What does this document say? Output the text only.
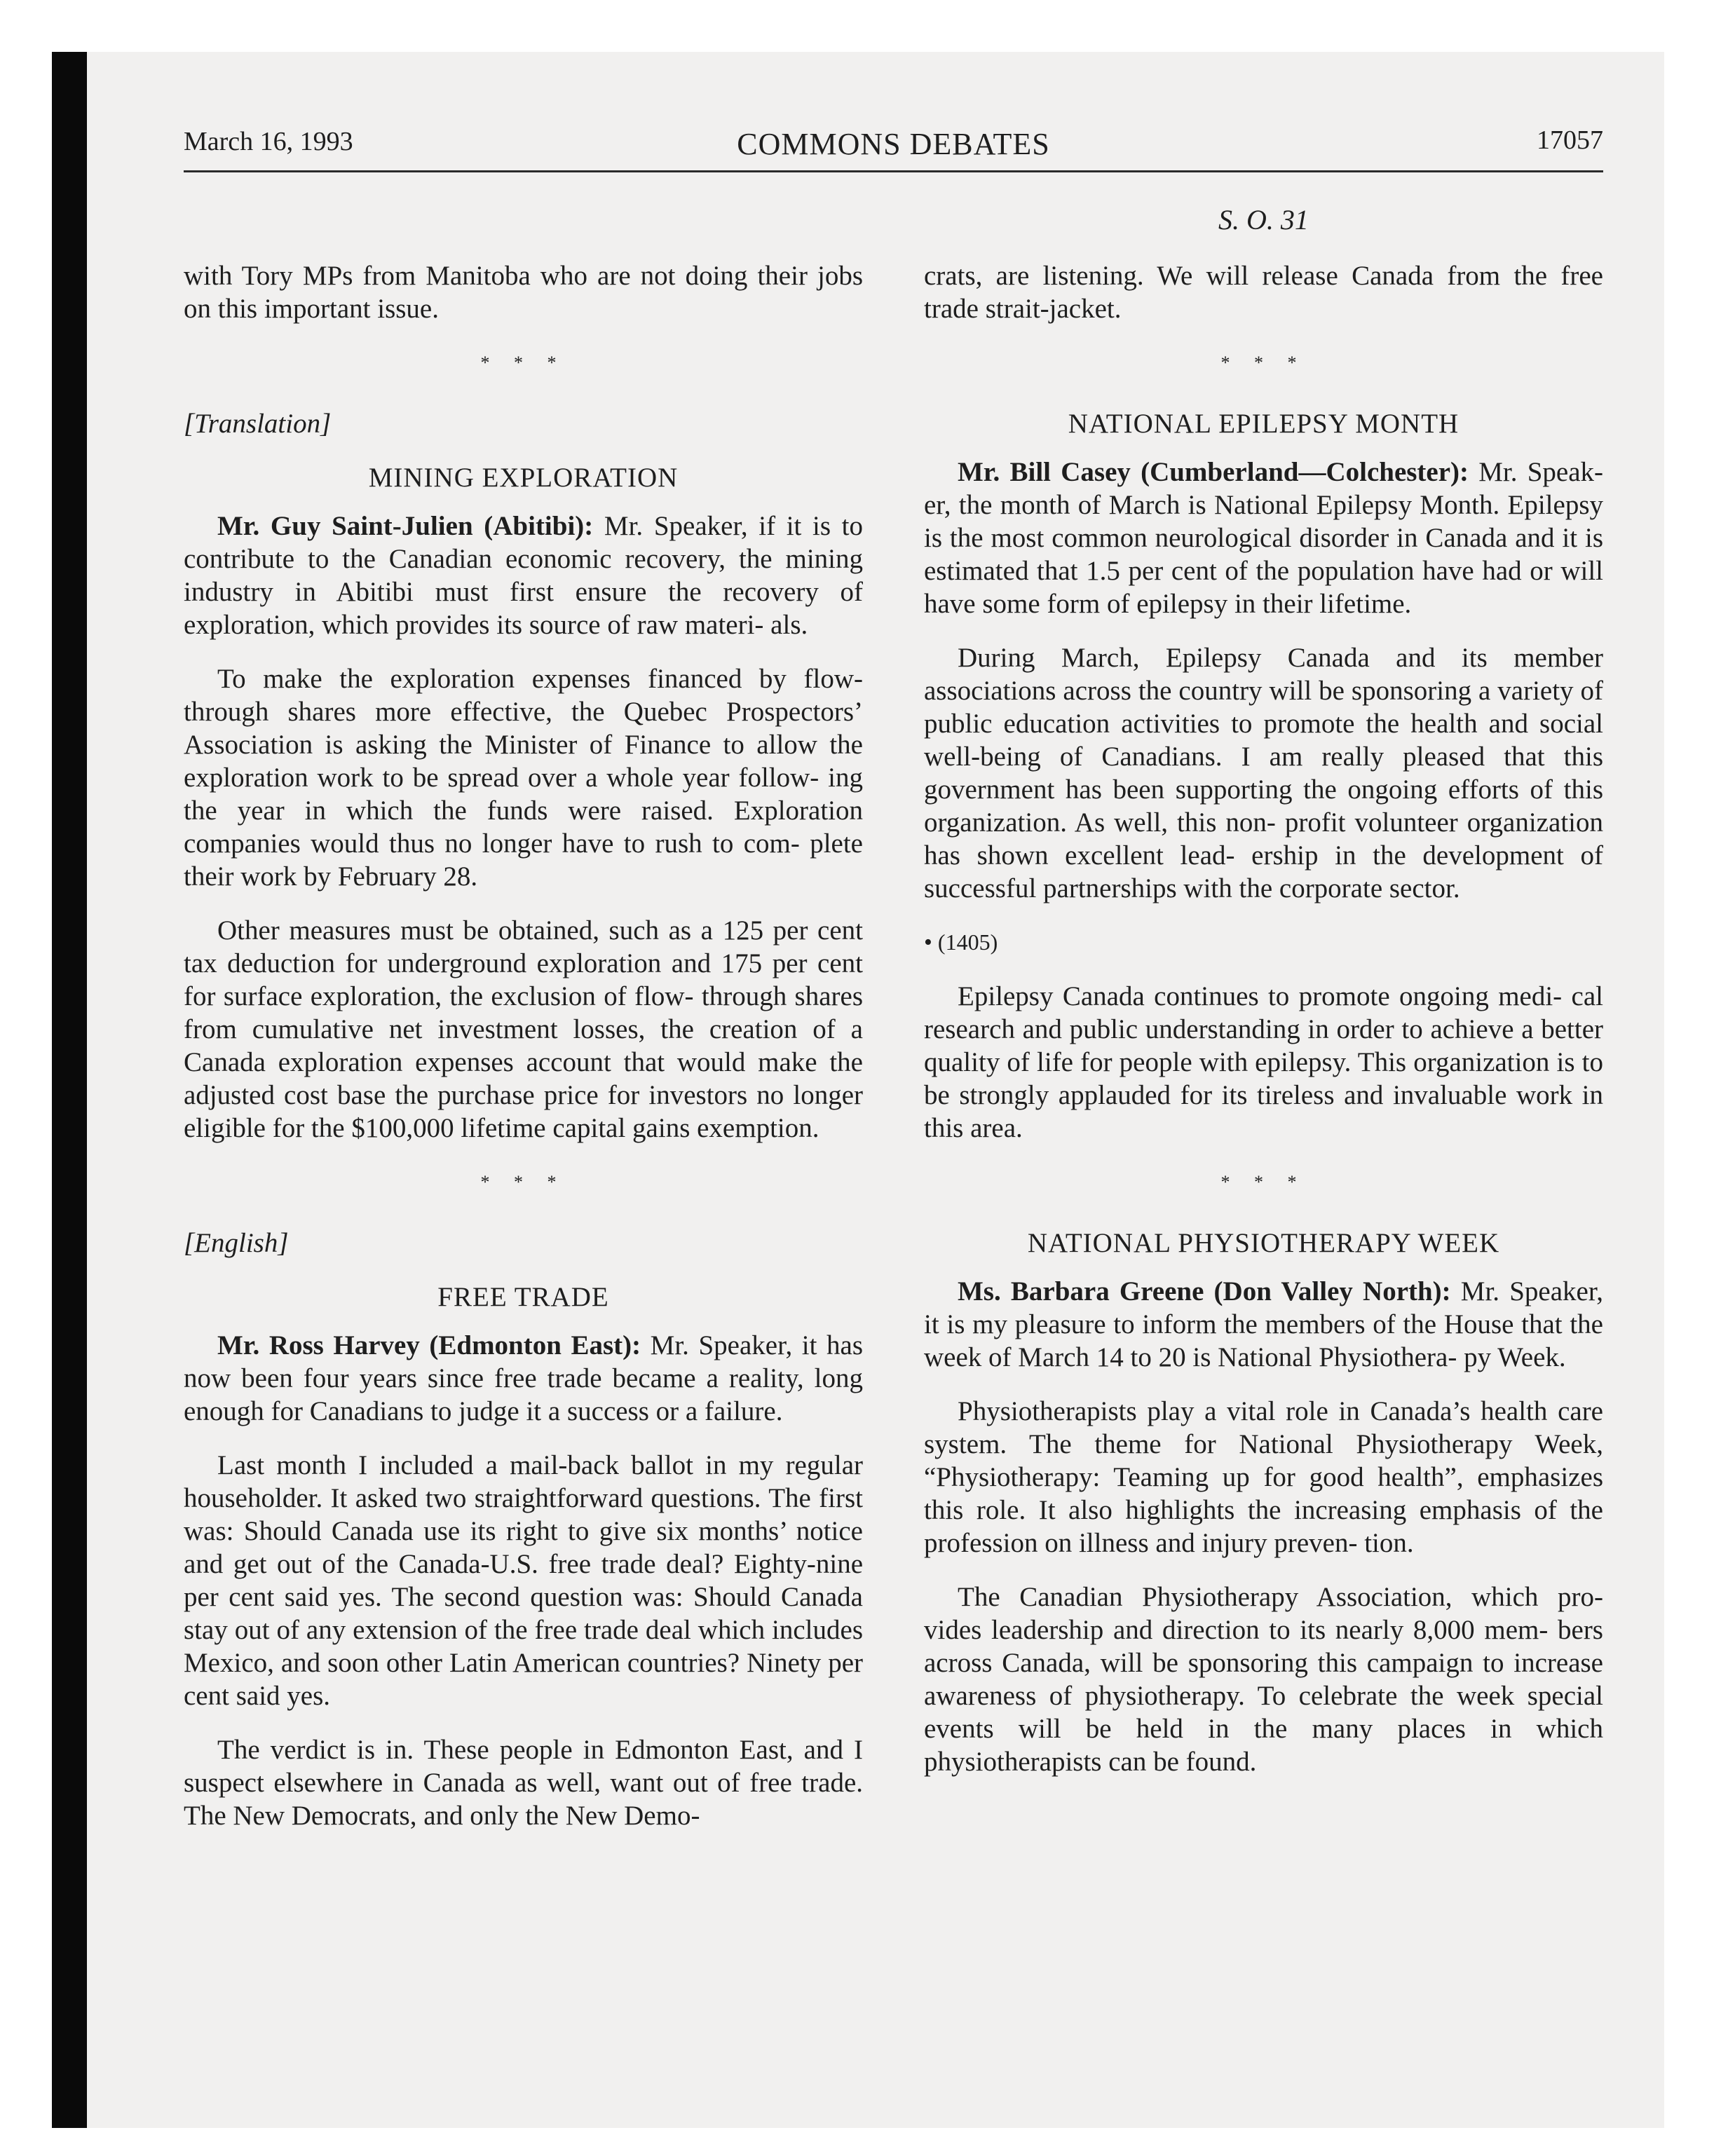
March 16, 1993	COMMONS DEBATES	17057
S. O. 31

with Tory MPs from Manitoba who are not doing their jobs on this important issue.

* * *
[Translation]
MINING EXPLORATION

Mr. Guy Saint-Julien (Abitibi): Mr. Speaker, if it is to contribute to the Canadian economic recovery, the mining industry in Abitibi must first ensure the recovery of exploration, which provides its source of raw materi- als.

To make the exploration expenses financed by flow- through shares more effective, the Quebec Prospectors’ Association is asking the Minister of Finance to allow the exploration work to be spread over a whole year follow- ing the year in which the funds were raised. Exploration companies would thus no longer have to rush to com- plete their work by February 28.

Other measures must be obtained, such as a 125 per cent tax deduction for underground exploration and 175 per cent for surface exploration, the exclusion of flow- through shares from cumulative net investment losses, the creation of a Canada exploration expenses account that would make the adjusted cost base the purchase price for investors no longer eligible for the $100,000 lifetime capital gains exemption.

* * *
[English]
FREE TRADE

Mr. Ross Harvey (Edmonton East): Mr. Speaker, it has now been four years since free trade became a reality, long enough for Canadians to judge it a success or a failure.

Last month I included a mail-back ballot in my regular householder. It asked two straightforward questions. The first was: Should Canada use its right to give six months’ notice and get out of the Canada-U.S. free trade deal? Eighty-nine per cent said yes. The second question was: Should Canada stay out of any extension of the free trade deal which includes Mexico, and soon other Latin American countries? Ninety per cent said yes.

The verdict is in. These people in Edmonton East, and I suspect elsewhere in Canada as well, want out of free trade. The New Democrats, and only the New Demo-

crats, are listening. We will release Canada from the free trade strait-jacket.

* * *
NATIONAL EPILEPSY MONTH

Mr. Bill Casey (Cumberland—Colchester): Mr. Speak- er, the month of March is National Epilepsy Month. Epilepsy is the most common neurological disorder in Canada and it is estimated that 1.5 per cent of the population have had or will have some form of epilepsy in their lifetime.

During March, Epilepsy Canada and its member associations across the country will be sponsoring a variety of public education activities to promote the health and social well-being of Canadians. I am really pleased that this government has been supporting the ongoing efforts of this organization. As well, this non- profit volunteer organization has shown excellent lead- ership in the development of successful partnerships with the corporate sector.

• (1405)

Epilepsy Canada continues to promote ongoing medi- cal research and public understanding in order to achieve a better quality of life for people with epilepsy. This organization is to be strongly applauded for its tireless and invaluable work in this area.

* * *
NATIONAL PHYSIOTHERAPY WEEK

Ms. Barbara Greene (Don Valley North): Mr. Speaker, it is my pleasure to inform the members of the House that the week of March 14 to 20 is National Physiothera- py Week.

Physiotherapists play a vital role in Canada’s health care system. The theme for National Physiotherapy Week, “Physiotherapy: Teaming up for good health”, emphasizes this role. It also highlights the increasing emphasis of the profession on illness and injury preven- tion.

The Canadian Physiotherapy Association, which pro- vides leadership and direction to its nearly 8,000 mem- bers across Canada, will be sponsoring this campaign to increase awareness of physiotherapy. To celebrate the week special events will be held in the many places in which physiotherapists can be found.
